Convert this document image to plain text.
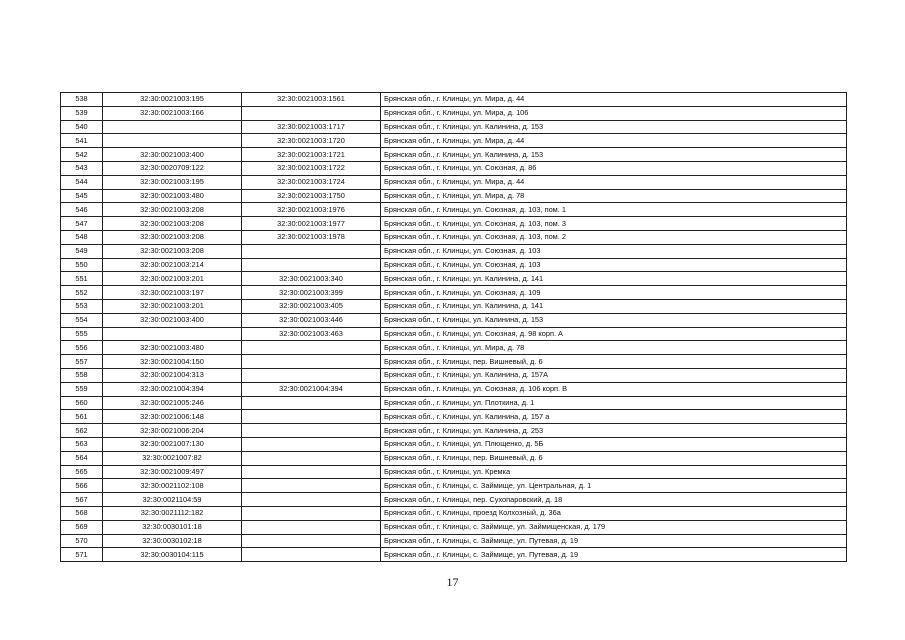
538	32:30:0021003:195	32:30:0021003:1561	Брянская обл., г. Клинцы, ул. Мира, д. 44
539	32:30:0021003:166		Брянская обл., г. Клинцы, ул. Мира, д. 106
540		32:30:0021003:1717	Брянская обл., г. Клинцы, ул. Калинина, д. 153
541		32:30:0021003:1720	Брянская обл., г. Клинцы, ул. Мира, д. 44
542	32:30:0021003:400	32:30:0021003:1721	Брянская обл., г. Клинцы, ул. Калинина, д. 153
543	32:30:0020709:122	32:30:0021003:1722	Брянская обл., г. Клинцы, ул. Союзная, д. 86
544	32:30:0021003:195	32:30:0021003:1724	Брянская обл., г. Клинцы, ул. Мира, д. 44
545	32:30:0021003:480	32:30:0021003:1750	Брянская обл., г. Клинцы, ул. Мира, д. 78
546	32:30:0021003:208	32:30:0021003:1976	Брянская обл., г. Клинцы, ул. Союзная, д. 103, пом. 1
547	32:30:0021003:208	32:30:0021003:1977	Брянская обл., г. Клинцы, ул. Союзная, д. 103, пом. 3
548	32:30:0021003:208	32:30:0021003:1978	Брянская обл., г. Клинцы, ул. Союзная, д. 103, пом. 2
549	32:30:0021003:208		Брянская обл., г. Клинцы, ул. Союзная, д. 103
550	32:30:0021003:214		Брянская обл., г. Клинцы, ул. Союзная, д. 103
551	32:30:0021003:201	32:30:0021003:340	Брянская обл., г. Клинцы, ул. Калинина, д. 141
552	32:30:0021003:197	32:30:0021003:399	Брянская обл., г. Клинцы, ул. Союзная, д. 109
553	32:30:0021003:201	32:30:0021003:405	Брянская обл., г. Клинцы, ул. Калинина, д. 141
554	32:30:0021003:400	32:30:0021003:446	Брянская обл., г. Клинцы, ул. Калинина, д. 153
555		32:30:0021003:463	Брянская обл., г. Клинцы, ул. Союзная, д. 98 корп. А
556	32:30:0021003:480		Брянская обл., г. Клинцы, ул. Мира, д. 78
557	32:30:0021004:150		Брянская обл., г. Клинцы, пер. Вишневый, д. 6
558	32:30:0021004:313		Брянская обл., г. Клинцы, ул. Калинина, д. 157А
559	32:30:0021004:394	32:30:0021004:394	Брянская обл., г. Клинцы, ул. Союзная, д. 106 корп. В
560	32:30:0021005:246		Брянская обл., г. Клинцы, ул. Плоткина, д. 1
561	32:30:0021006:148		Брянская обл., г. Клинцы, ул. Калинина, д. 157 а
562	32:30:0021006:204		Брянская обл., г. Клинцы, ул. Калинина, д. 253
563	32:30:0021007:130		Брянская обл., г. Клинцы, ул. Плющенко, д. 5Б
564	32:30:0021007:82		Брянская обл., г. Клинцы, пер. Вишневый, д. 6
565	32:30:0021009:497		Брянская обл., г. Клинцы, ул. Кремка
566	32:30:0021102:108		Брянская обл., г. Клинцы, с. Займище, ул. Центральная, д. 1
567	32:30:0021104:59		Брянская обл., г. Клинцы, пер. Сухопаровский, д. 18
568	32:30:0021112:182		Брянская обл., г. Клинцы, проезд Колхозный, д. 36а
569	32:30:0030101:18		Брянская обл., г. Клинцы, с. Займище, ул. Займищенская, д. 179
570	32:30:0030102:18		Брянская обл., г. Клинцы, с. Займище, ул. Путевая, д. 19
571	32:30:0030104:115		Брянская обл., г. Клинцы, с. Займище, ул. Путевая, д. 19
17
